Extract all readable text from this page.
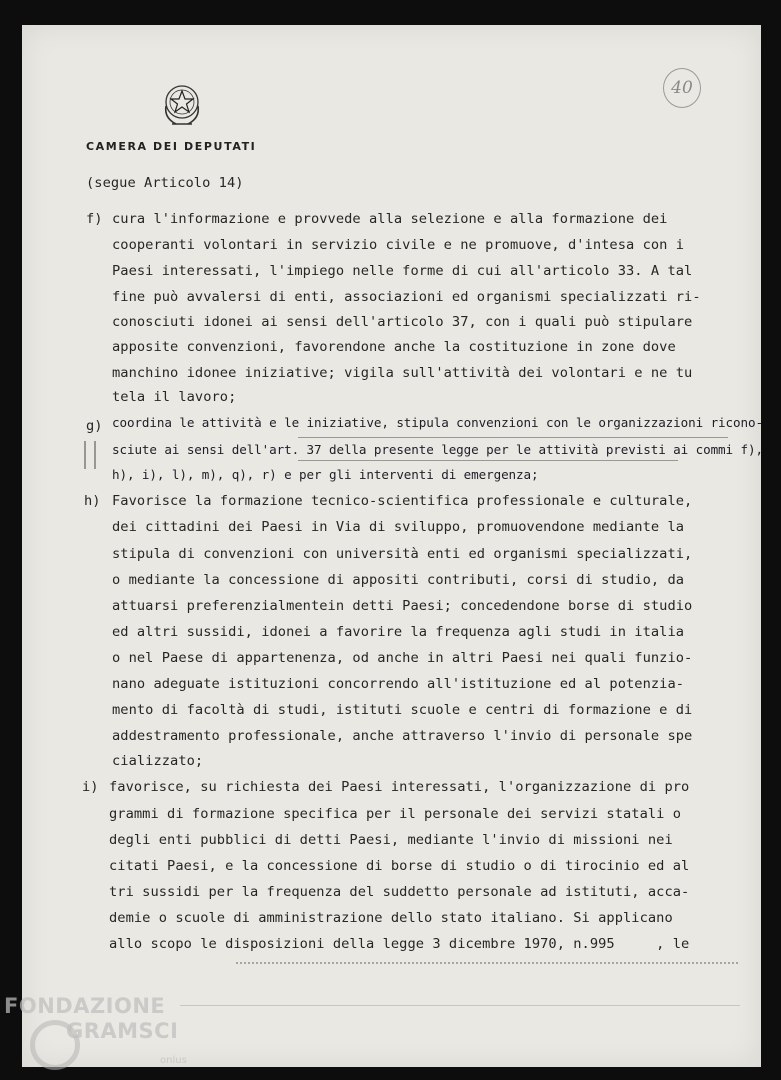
CAMERA DEI DEPUTATI
40
(segue Articolo 14)
f) cura l'informazione e provvede alla selezione e alla formazione dei
cooperanti volontari in servizio civile e ne promuove, d'intesa con i
Paesi interessati, l'impiego nelle forme di cui all'articolo 33. A tal
fine può avvalersi di enti, associazioni ed organismi specializzati ri-
conosciuti idonei ai sensi dell'articolo 37, con i quali può stipulare
apposite convenzioni, favorendone anche la costituzione in zone dove
manchino idonee iniziative; vigila sull'attività dei volontari e ne tu
tela il lavoro;
g) coordina le attività e le iniziative, stipula convenzioni con le organizzazioni ricono-
sciute ai sensi dell'art. 37 della presente legge per le attività previsti ai commi f),
h), i), l), m), q), r) e per gli interventi di emergenza;
h) Favorisce la formazione tecnico-scientifica professionale e culturale,
dei cittadini dei Paesi in Via di sviluppo, promuovendone mediante la
stipula di convenzioni con università enti ed organismi specializzati,
o mediante la concessione di appositi contributi, corsi di studio, da
attuarsi preferenzialmentein detti Paesi; concedendone borse di studio
ed altri sussidi, idonei a favorire la frequenza agli studi in italia
o nel Paese di appartenenza, od anche in altri Paesi nei quali funzio-
nano adeguate istituzioni concorrendo all'istituzione ed al potenzia-
mento di facoltà di studi, istituti scuole e centri di formazione e di
addestramento professionale, anche attraverso l'invio di personale spe
cializzato;
i) favorisce, su richiesta dei Paesi interessati, l'organizzazione di pro
grammi di formazione specifica per il personale dei servizi statali o
degli enti pubblici di detti Paesi, mediante l'invio di missioni nei
citati Paesi, e la concessione di borse di studio o di tirocinio ed al
tri sussidi per la frequenza del suddetto personale ad istituti, acca-
demie o scuole di amministrazione dello stato italiano. Si applicano
allo scopo le disposizioni della legge 3 dicembre 1970, n.995     , le
FONDAZIONE
GRAMSCI
onlus
